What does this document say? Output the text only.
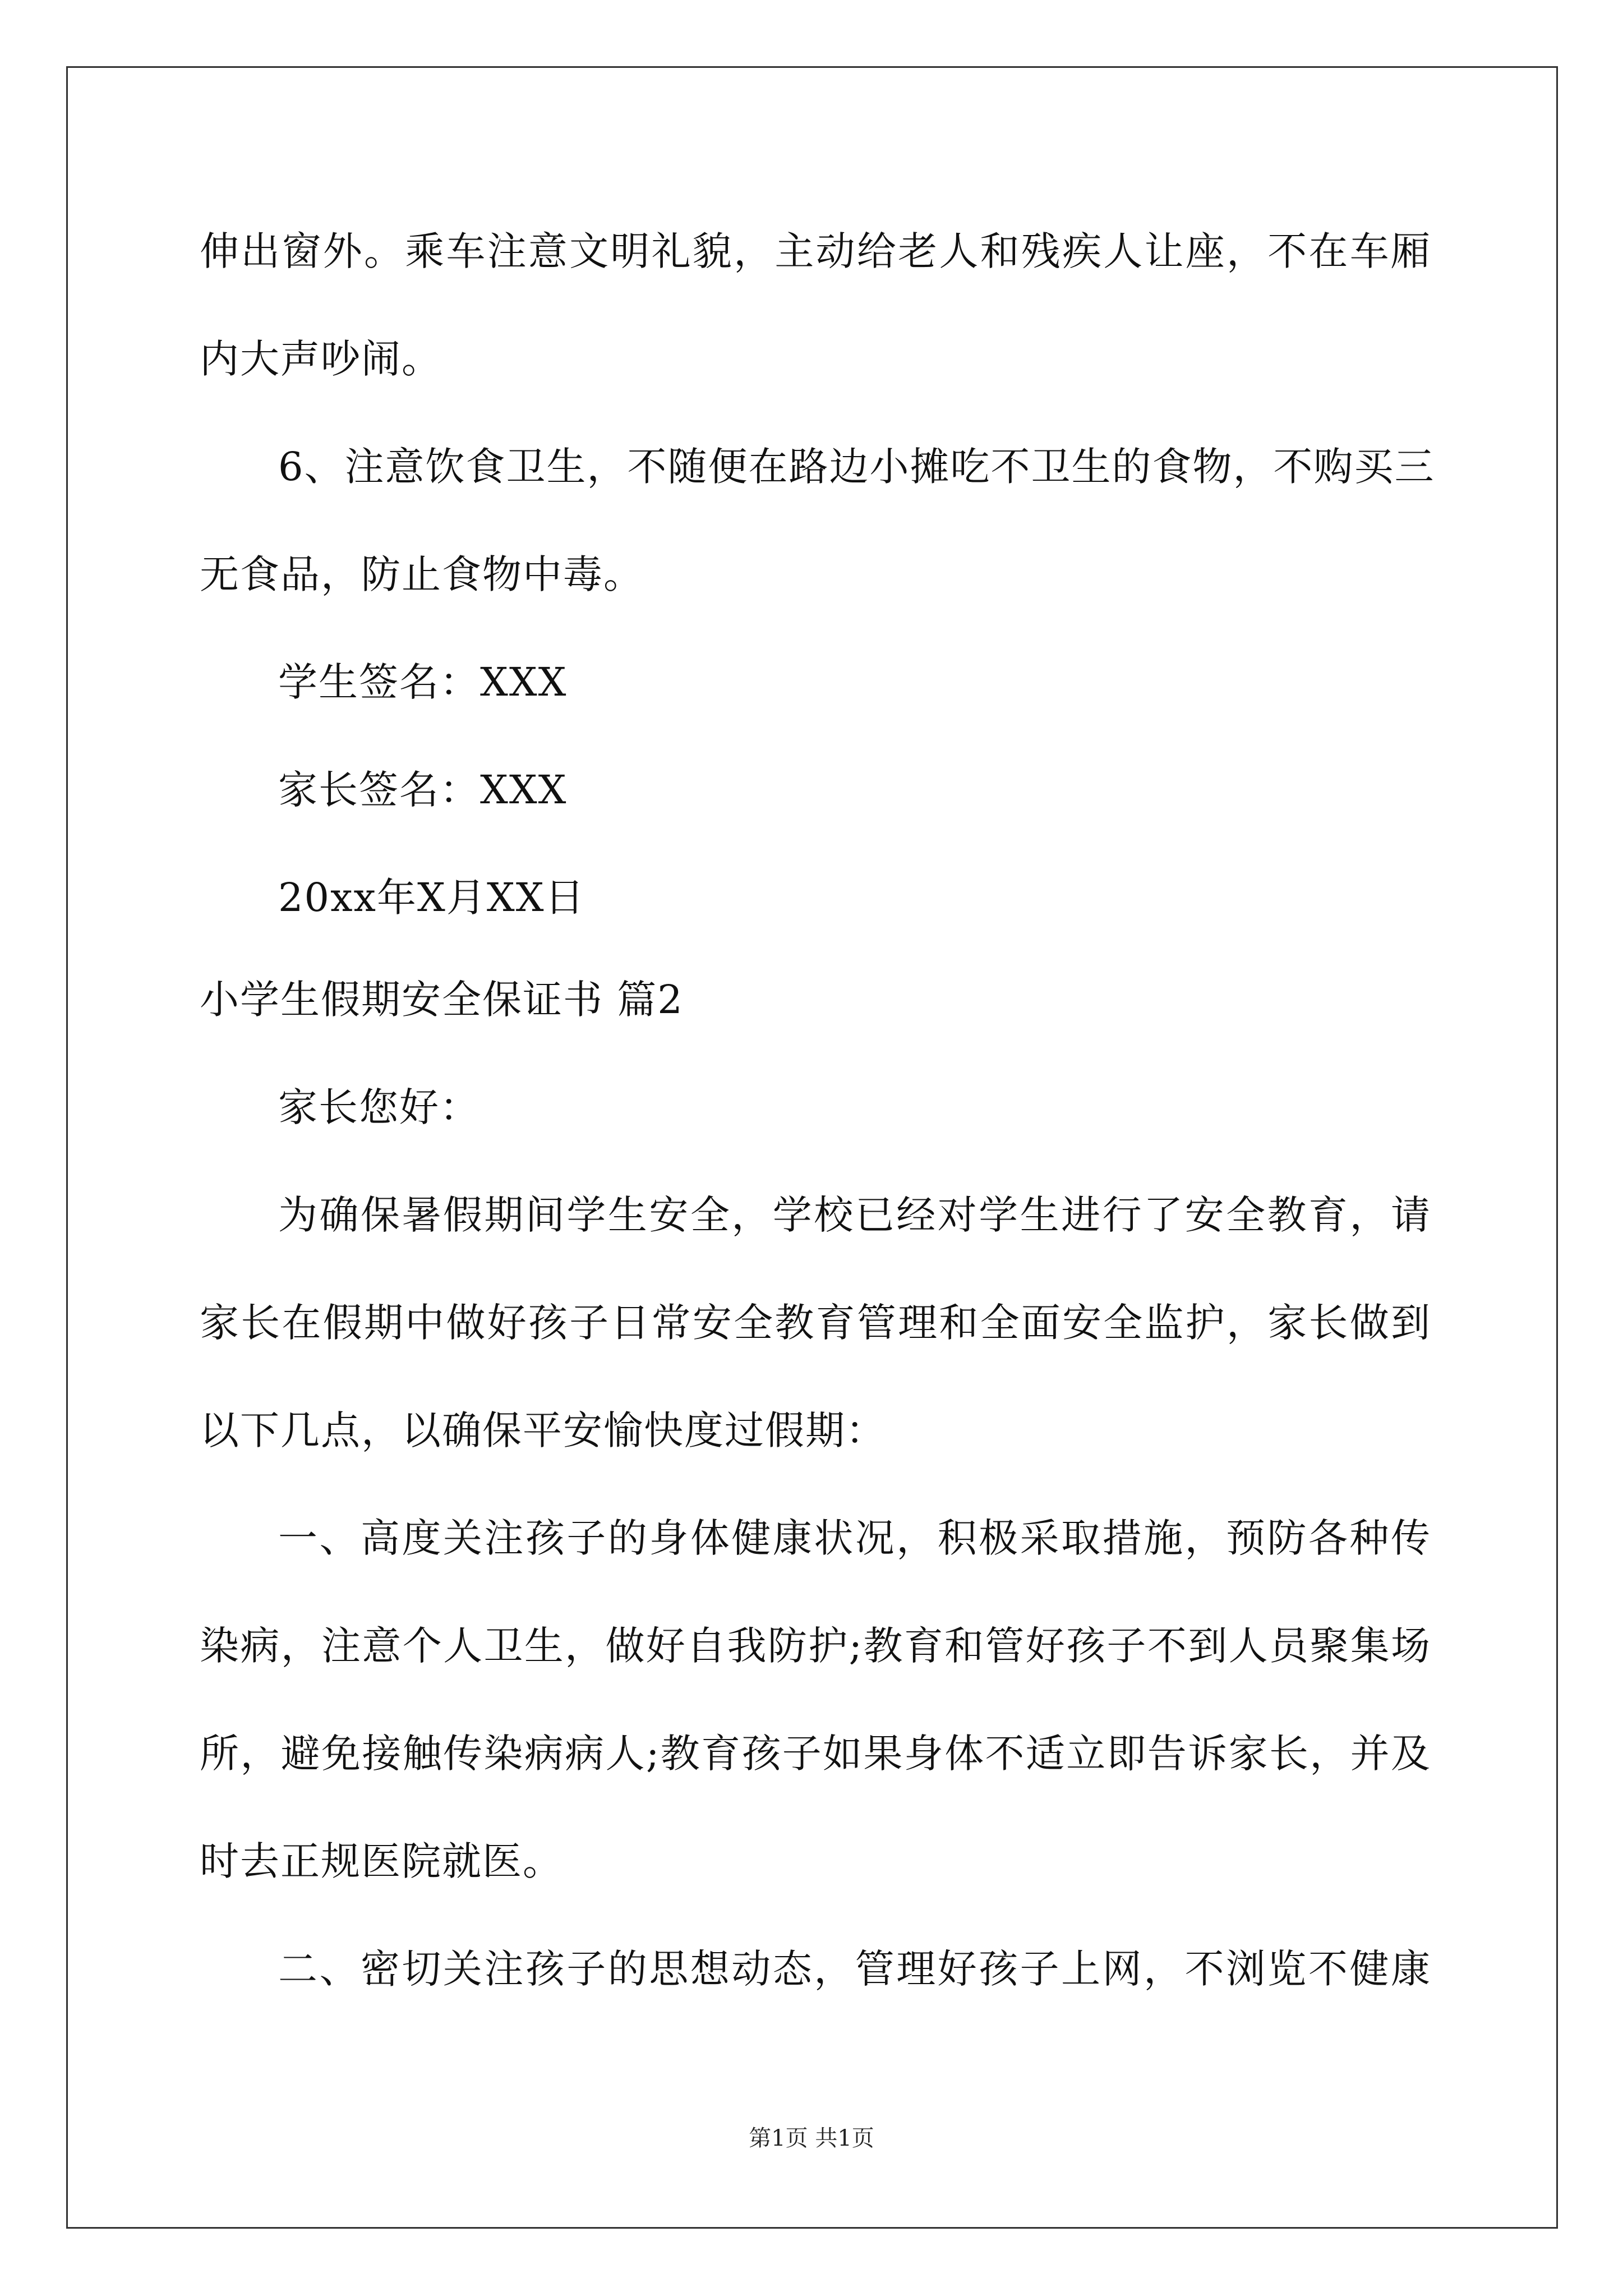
伸出窗外。乘车注意文明礼貌，主动给老人和残疾人让座，不在车厢
内大声吵闹。
6、注意饮食卫生，不随便在路边小摊吃不卫生的食物，不购买三
无食品，防止食物中毒。
学生签名：XXX
家长签名：XXX
20xx年X月XX日
小学生假期安全保证书 篇2
家长您好：
为确保暑假期间学生安全，学校已经对学生进行了安全教育，请
家长在假期中做好孩子日常安全教育管理和全面安全监护，家长做到
以下几点，以确保平安愉快度过假期：
一、高度关注孩子的身体健康状况，积极采取措施，预防各种传
染病，注意个人卫生，做好自我防护;教育和管好孩子不到人员聚集场
所，避免接触传染病病人;教育孩子如果身体不适立即告诉家长，并及
时去正规医院就医。
二、密切关注孩子的思想动态，管理好孩子上网，不浏览不健康
第1页 共1页
